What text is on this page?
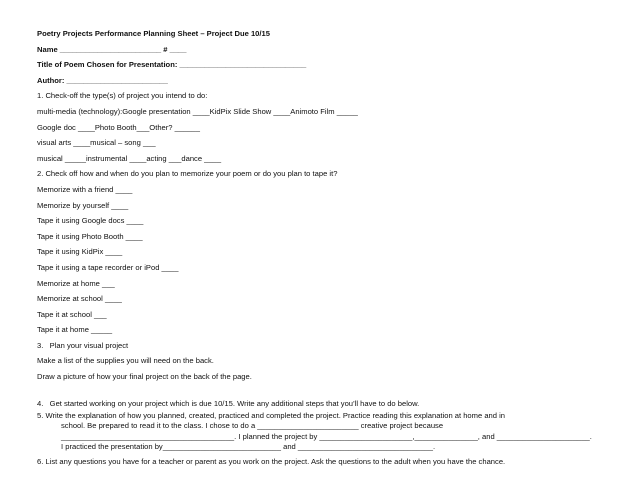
Poetry Projects Performance Planning Sheet – Project Due 10/15
Name ________________________ # ____
Title of Poem Chosen for Presentation: ______________________________
Author: ________________________
1. Check-off the type(s) of project you intend to do:
multi-media (technology):Google presentation ____KidPix Slide Show ____Animoto Film _____
Google doc ____Photo Booth___Other? ______
visual arts ____musical – song ___
musical _____instrumental ____acting ___dance ____
2. Check off how and when do you plan to memorize your poem or do you plan to tape it?
Memorize with a friend ____
Memorize by yourself ____
Tape it using Google docs ____
Tape it using Photo Booth ____
Tape it using KidPix ____
Tape it using a tape recorder or iPod ____
Memorize at home ___
Memorize at school ____
Tape it at school ___
Tape it at home _____
3.   Plan your visual project
Make a list of the supplies you will need on the back.
Draw a picture of how your final project on the back of the page.
4.   Get started working on your project which is due 10/15. Write any additional steps that you’ll have to do below.
5. Write the explanation of how you planned, created, practiced and completed the project. Practice reading this explanation at home and in
school. Be prepared to read it to the class. I chose to do a ________________________ creative project because
_________________________________________. I planned the project by ______________________,_______________, and ______________________.
I practiced the presentation by____________________________ and ________________________________.
6. List any questions you have for a teacher or parent as you work on the project. Ask the questions to the adult when you have the chance.
